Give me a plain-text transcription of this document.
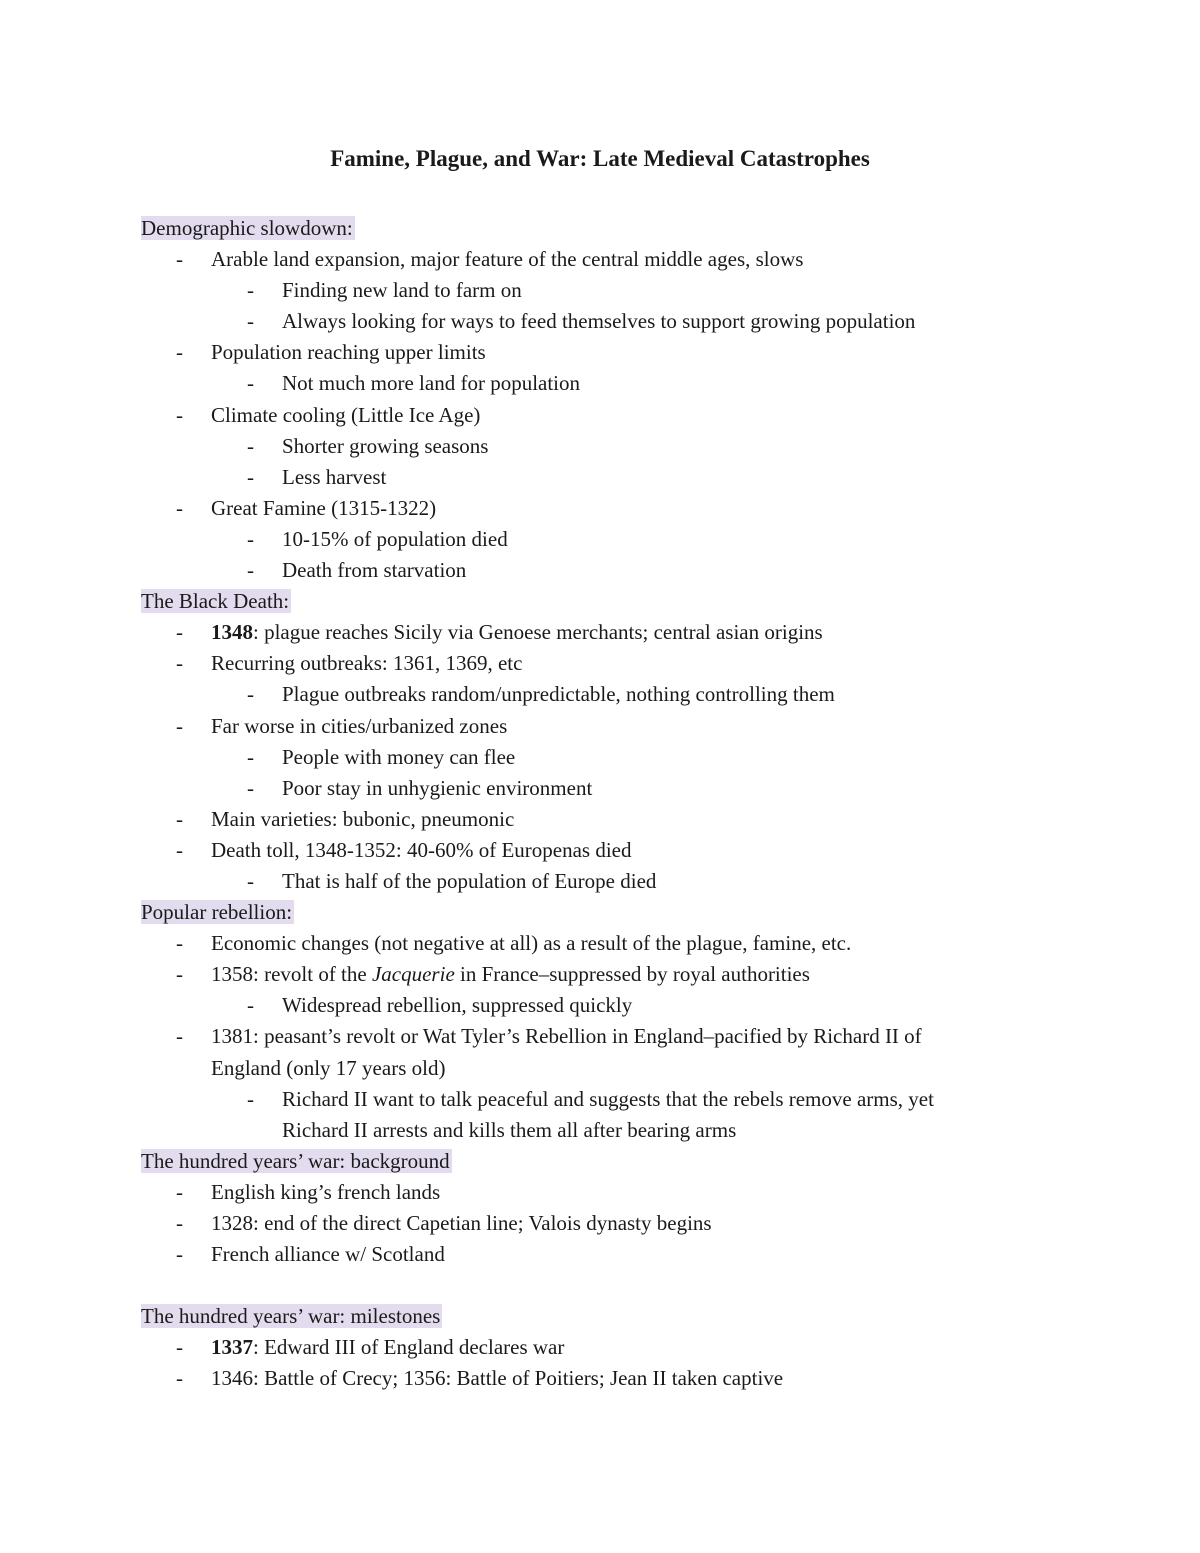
Famine, Plague, and War: Late Medieval Catastrophes
Demographic slowdown:
- Arable land expansion, major feature of the central middle ages, slows
- Finding new land to farm on
- Always looking for ways to feed themselves to support growing population
- Population reaching upper limits
- Not much more land for population
- Climate cooling (Little Ice Age)
- Shorter growing seasons
- Less harvest
- Great Famine (1315-1322)
- 10-15% of population died
- Death from starvation
The Black Death:
- 1348: plague reaches Sicily via Genoese merchants; central asian origins
- Recurring outbreaks: 1361, 1369, etc
- Plague outbreaks random/unpredictable, nothing controlling them
- Far worse in cities/urbanized zones
- People with money can flee
- Poor stay in unhygienic environment
- Main varieties: bubonic, pneumonic
- Death toll, 1348-1352: 40-60% of Europenas died
- That is half of the population of Europe died
Popular rebellion:
- Economic changes (not negative at all) as a result of the plague, famine, etc.
- 1358: revolt of the Jacquerie in France–suppressed by royal authorities
- Widespread rebellion, suppressed quickly
- 1381: peasant’s revolt or Wat Tyler’s Rebellion in England–pacified by Richard II of
England (only 17 years old)
- Richard II want to talk peaceful and suggests that the rebels remove arms, yet
Richard II arrests and kills them all after bearing arms
The hundred years’ war: background
- English king’s french lands
- 1328: end of the direct Capetian line; Valois dynasty begins
- French alliance w/ Scotland
The hundred years’ war: milestones
- 1337: Edward III of England declares war
- 1346: Battle of Crecy; 1356: Battle of Poitiers; Jean II taken captive
